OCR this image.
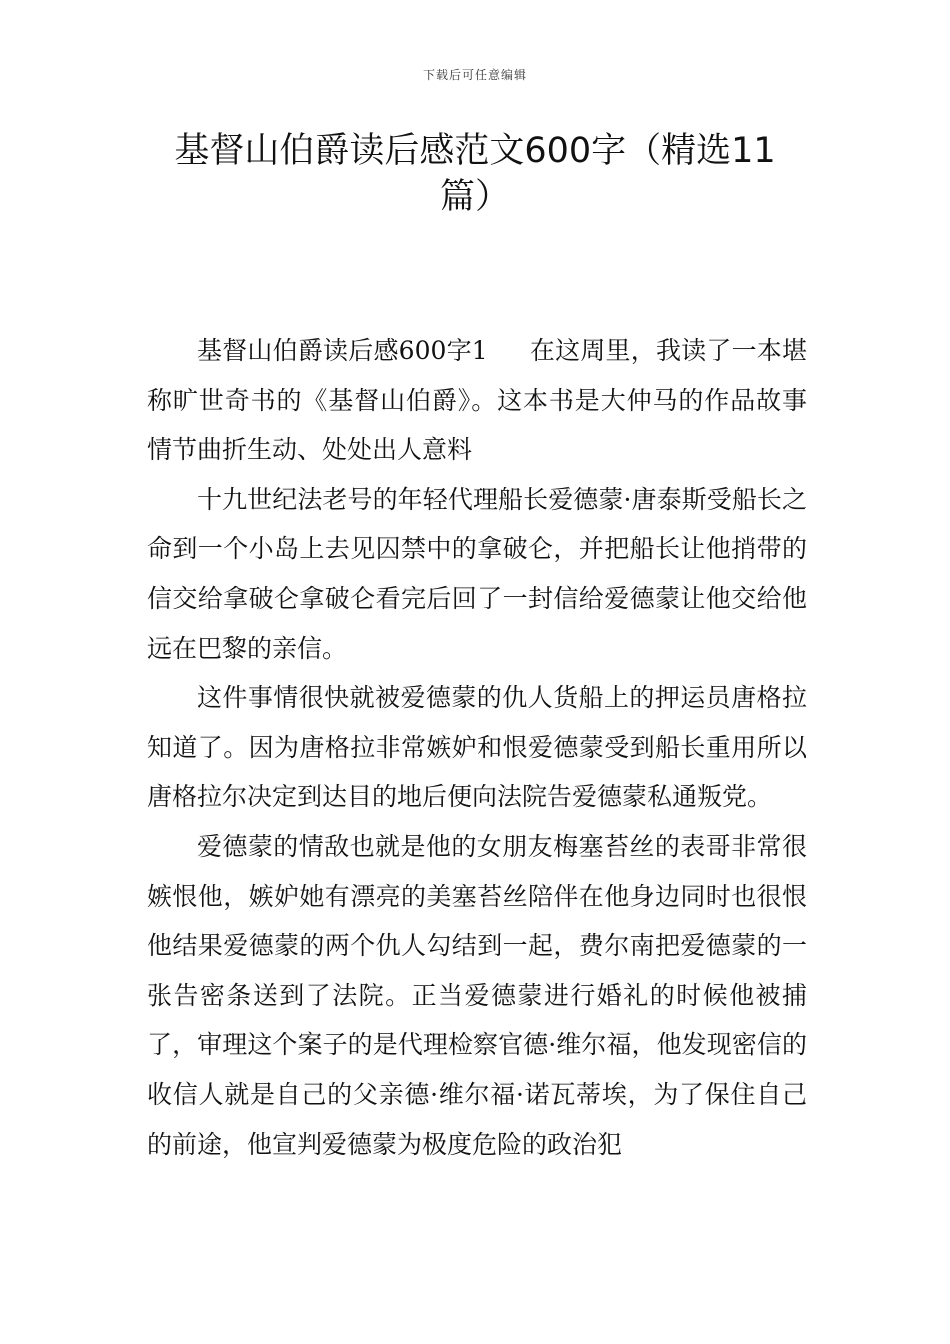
下载后可任意编辑
基督山伯爵读后感范文600字（精选11篇）

基督山伯爵读后感600字1 在这周里，我读了一本堪称旷世奇书的《基督山伯爵》。这本书是大仲马的作品故事情节曲折生动、处处出人意料

十九世纪法老号的年轻代理船长爱德蒙·唐泰斯受船长之命到一个小岛上去见囚禁中的拿破仑，并把船长让他捎带的信交给拿破仑拿破仑看完后回了一封信给爱德蒙让他交给他远在巴黎的亲信。

这件事情很快就被爱德蒙的仇人货船上的押运员唐格拉知道了。因为唐格拉非常嫉妒和恨爱德蒙受到船长重用所以唐格拉尔决定到达目的地后便向法院告爱德蒙私通叛党。

爱德蒙的情敌也就是他的女朋友梅塞苔丝的表哥非常很嫉恨他，嫉妒她有漂亮的美塞苔丝陪伴在他身边同时也很恨他结果爱德蒙的两个仇人勾结到一起，费尔南把爱德蒙的一张告密条送到了法院。正当爱德蒙进行婚礼的时候他被捕了，审理这个案子的是代理检察官德·维尔福，他发现密信的收信人就是自己的父亲德·维尔福·诺瓦蒂埃，为了保住自己的前途，他宣判爱德蒙为极度危险的政治犯
